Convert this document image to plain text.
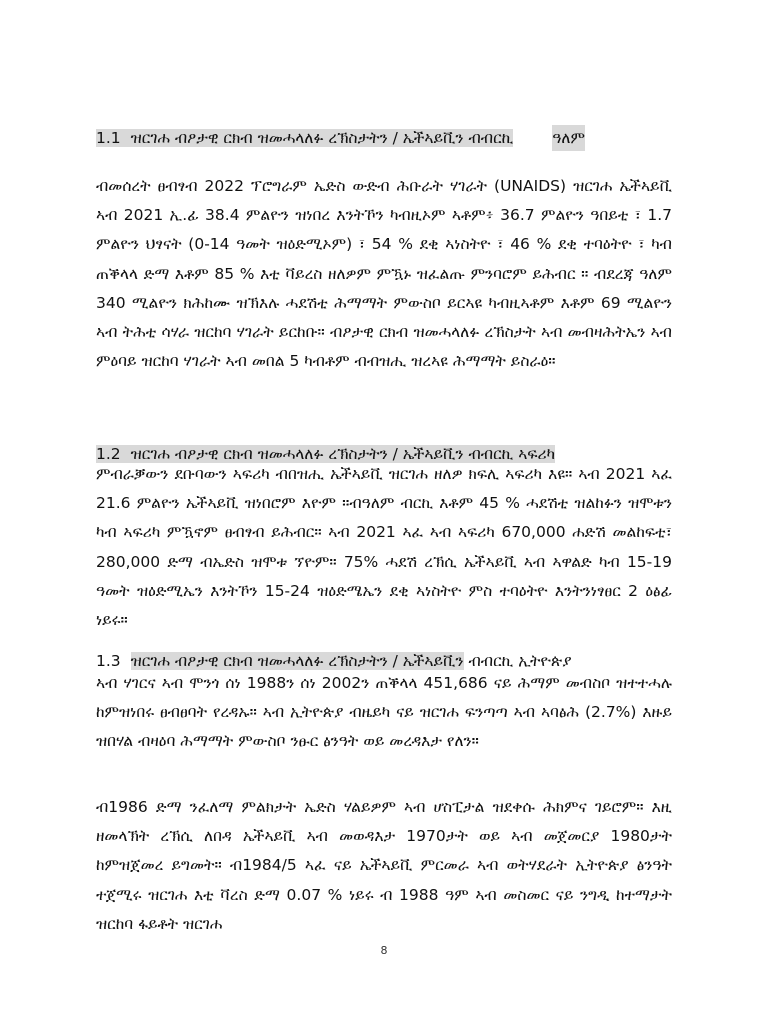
1.1 ዝርገሐ ብዖታዊ ርክብ ዝመሓላለፉ ረኽስታትን / ኤችኣይቪን ብብርኪ	ዓለም

ብመሰረት ፀብፃብ 2022 ፕሮግራም ኤድስ ውድብ ሕቡራት ሃገራት (UNAIDS) ዝርገሐ ኤችኣይቪ ኣብ 2021 ኢ.ፊ 38.4 ምልዮን ዝነበረ እንትኾን ካብዚኦም ኣቶም፥ 36.7 ምልዮን ዓበይቲ ፣ 1.7 ምልዮን ህፃናት (0-14 ዓመት ዝዕድሚኦም) ፣ 54 % ደቂ ኣነስትዮ ፣ 46 % ደቂ ተባዕትዮ ፣ ካብ ጠቕላላ ድማ እቶም 85 % እቲ ቫይረስ ዘለዎም ምዃኑ ዝፈልጡ ምንባሮም ይሕብር ። ብደረጃ ዓለም 340 ሚልዮን ክሕከሙ ዝኽእሉ ሓደሽቲ ሕማማት ምውስቦ ይርኣዩ ካብዚኣቶም እቶም 69 ሚልዮን ኣብ ትሕቲ ሳሃራ ዝርከባ ሃገራት ይርከቡ። ብዖታዊ ርክብ ዝመሓላለፉ ረኽስታት ኣብ መብዛሕትኤን ኣብ ምዕባይ ዝርከባ ሃገራት ኣብ መበል 5 ካብቶም ብብዝሒ ዝረኣዩ ሕማማት ይስራዕ።

1.2 ዝርገሐ ብዖታዊ ርክብ ዝመሓላለፉ ረኽስታትን / ኤችኣይቪን ብብርኪ ኣፍሪካ

ምብራቓውን ደቡባውን ኣፍሪካ ብበዝሒ ኤችኣይቪ ዝርገሐ ዘለዎ ክፍሊ ኣፍሪካ እዩ። ኣብ 2021 ኣፈ 21.6 ምልዮን ኤችኣይቪ ዝነበሮም እዮም ።ብዓለም ብርኪ እቶም 45 % ሓደሽቲ ዝልከፉን ዝሞቱን ካብ ኣፍሪካ ምዃኖም ፀብፃብ ይሕብር። ኣብ 2021 ኣፈ ኣብ ኣፍሪካ 670,000 ሐድሽ መልከፍቲ፣ 280,000 ድማ ብኤድስ ዝሞቱ ኘዮም። 75% ሓደሽ ረኽሲ ኤችኣይቪ ኣብ ኣዋልድ ካብ 15-19 ዓመት ዝዕድሚኤን እንትኾን 15-24 ዝዕድሜኤን ደቂ ኣነስትዮ ምስ ተባዕትዮ እንትንነፃፀር 2 ዕፅፊ ነይሩ።

1.3 ዝርገሐ ብዖታዊ ርክብ ዝመሓላለፉ ረኽስታትን / ኤችኣይቪን ብብርኪ ኢትዮጵያ

ኣብ ሃገርና ኣብ ሞንጎ ሰነ 1988ን ሰነ 2002ን ጠቕላላ 451,686 ናይ ሕማም መብስቦ ዝተተሓሉ ከምዝነበሩ ፀብፀባት የረዳኡ። ኣብ ኢትዮጵያ ብዜይካ ናይ ዝርገሐ ፍንጣጣ ኣብ ኣባፅሕ (2.7%) እዙይ ዝበሃል ብዛዕባ ሕማማት ምውስቦ ንፁር ፅንዓት ወይ መረዳእታ የለን።

ብ1986 ድማ ንፈለማ ምልክታት ኤድስ ሃልይዎም ኣብ ሆስፒታል ዝደቀሱ ሕክምና ገይሮም። እዚ ዘመላኽት ረኽሲ ለበዳ ኤችኣይቪ ኣብ መወዳእታ 1970ታት ወይ ኣብ መጀመርያ 1980ታት ከምዝጀመረ ይግመት። ብ1984/5 ኣፈ ናይ ኤችኣይቪ ምርመራ ኣብ ወትሃደራት ኢትዮጵያ ፅንዓት ተጀሚሩ ዝርገሐ እቲ ቫረስ ድማ 0.07 % ነይሩ ብ 1988 ዓም ኣብ መስመር ናይ ንግዲ ከተማታት ዝርከባ ፋይቶት ዝርገሐ

8
